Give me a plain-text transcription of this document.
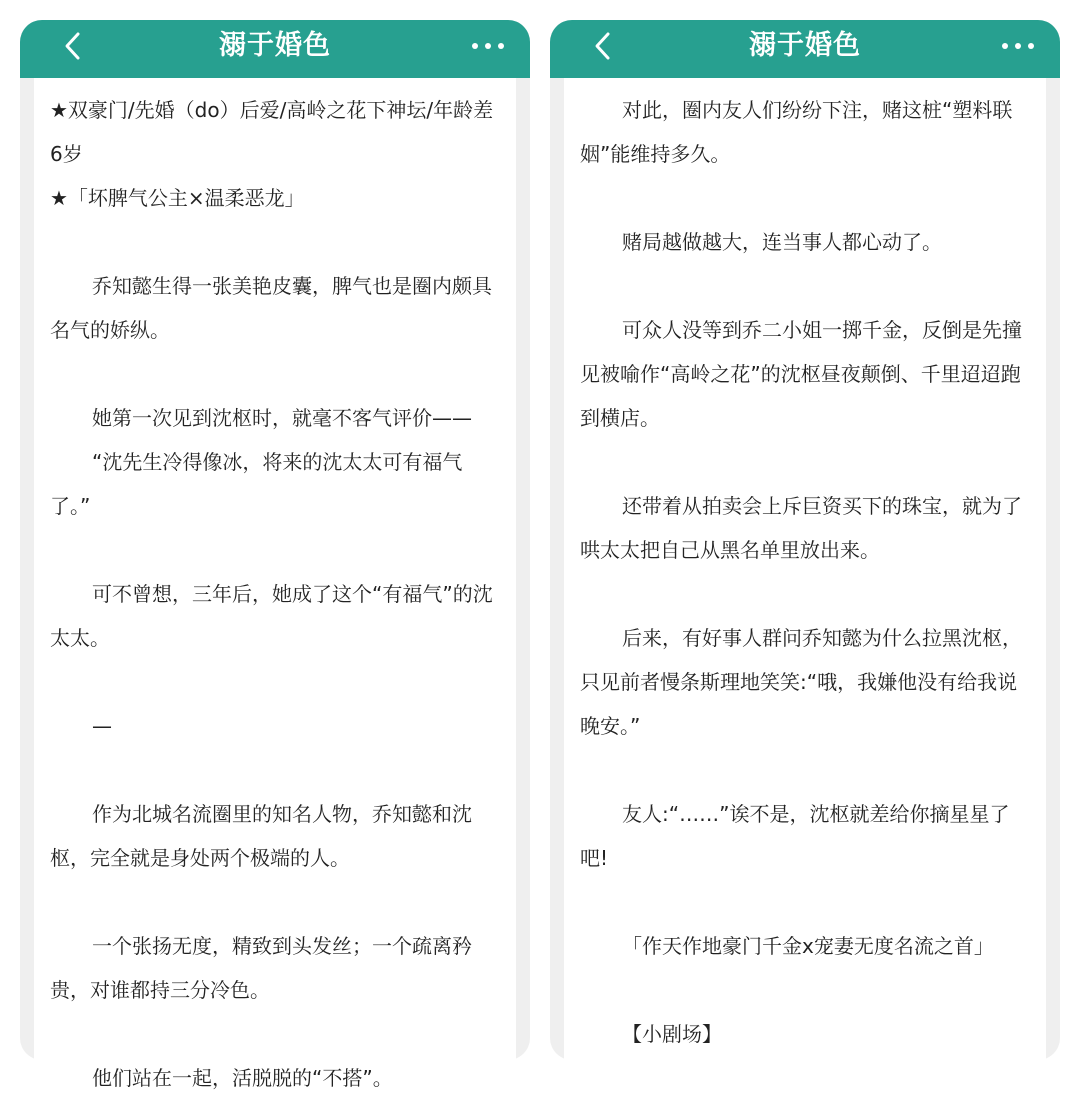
溺于婚色

★双豪门/先婚（do）后爱/高岭之花下神坛/年龄差6岁

★「坏脾气公主×温柔恶龙」

乔知懿生得一张美艳皮囊，脾气也是圈内颇具名气的娇纵。

她第一次见到沈枢时，就毫不客气评价——

“沈先生冷得像冰，将来的沈太太可有福气了。”

可不曾想，三年后，她成了这个“有福气”的沈太太。

—

作为北城名流圈里的知名人物，乔知懿和沈枢，完全就是身处两个极端的人。

一个张扬无度，精致到头发丝；一个疏离矜贵，对谁都持三分冷色。

他们站在一起，活脱脱的“不搭”。

溺于婚色

对此，圈内友人们纷纷下注，赌这桩“塑料联姻”能维持多久。

赌局越做越大，连当事人都心动了。

可众人没等到乔二小姐一掷千金，反倒是先撞见被喻作“高岭之花”的沈枢昼夜颠倒、千里迢迢跑到横店。

还带着从拍卖会上斥巨资买下的珠宝，就为了哄太太把自己从黑名单里放出来。

后来，有好事人群问乔知懿为什么拉黑沈枢，只见前者慢条斯理地笑笑:“哦，我嫌他没有给我说晚安。”

友人:“……”诶不是，沈枢就差给你摘星星了吧!

「作天作地豪门千金x宠妻无度名流之首」

【小剧场】
